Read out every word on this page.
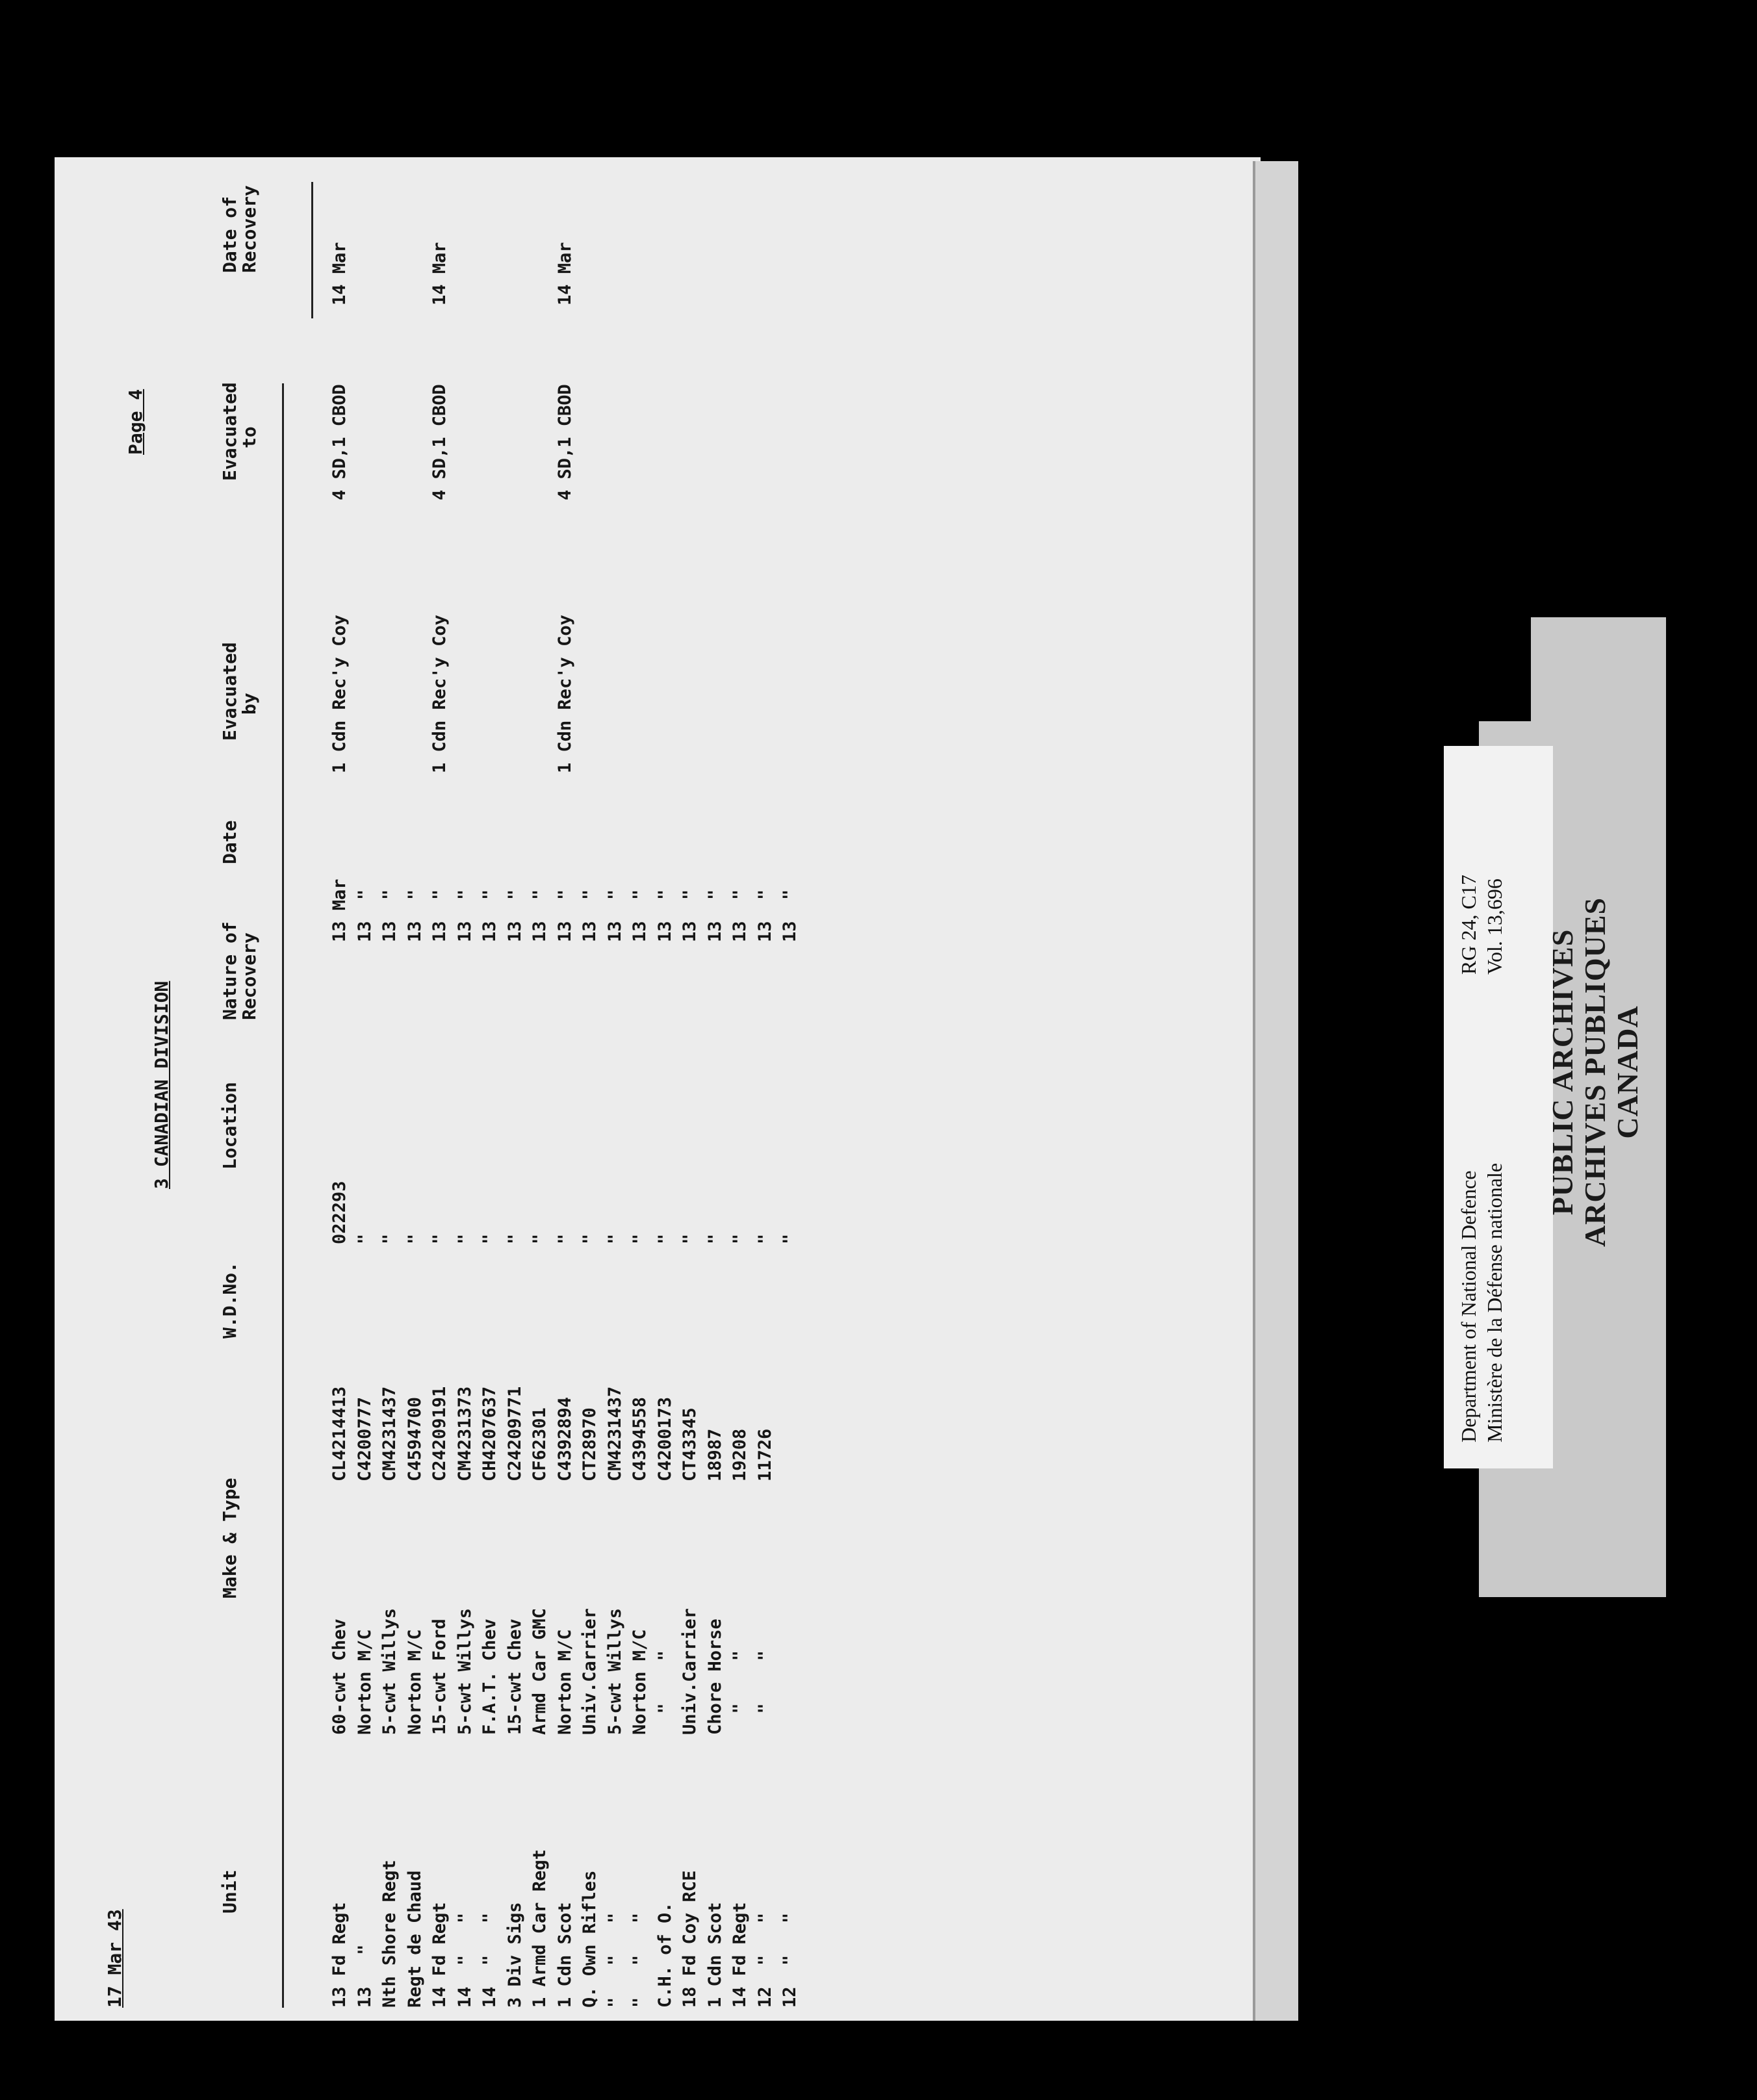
17 Mar 43
3 CANADIAN DIVISION
Page 4
Unit
Make & Type
W.D.No.
Location
Nature of
Recovery
Date
Evacuated
by
Evacuated
to
Date of
Recovery
13 Fd Regt
60-cwt Chev
CL4214413
022293
13 Mar
1 Cdn Rec'y Coy
4 SD,1 CBOD
14 Mar
13   "
Norton M/C
C4200777
"
13  "
Nth Shore Regt
5-cwt Willys
CM4231437
"
13  "
Regt de Chaud
Norton M/C
C4594700
"
13  "
14 Fd Regt
15-cwt Ford
C24209191
"
13  "
1 Cdn Rec'y Coy
4 SD,1 CBOD
14 Mar
14  "   "
5-cwt Willys
CM4231373
"
13  "
14  "   "
F.A.T. Chev
CH4207637
"
13  "
3 Div Sigs
15-cwt Chev
C24209771
"
13  "
1 Armd Car Regt
Armd Car GMC
CF62301
"
13  "
1 Cdn Scot
Norton M/C
C4392894
"
13  "
1 Cdn Rec'y Coy
4 SD,1 CBOD
14 Mar
Q. Own Rifles
Univ.Carrier
CT28970
"
13  "
"   "   "
5-cwt Willys
CM4231437
"
13  "
"   "   "
Norton M/C
C4394558
"
13  "
C.H. of O.
"    "
C4200173
"
13  "
18 Fd Coy RCE
Univ.Carrier
CT43345
"
13  "
1 Cdn Scot
Chore Horse
18987
"
13  "
14 Fd Regt
"    "
19208
"
13  "
12  "   "
"    "
11726
"
13  "
12  "   "
"
13  "
Department of National Defence Ministère de la Défense nationale
RG 24, C17 Vol. 13,696
PUBLIC ARCHIVES ARCHIVES PUBLIQUES CANADA
